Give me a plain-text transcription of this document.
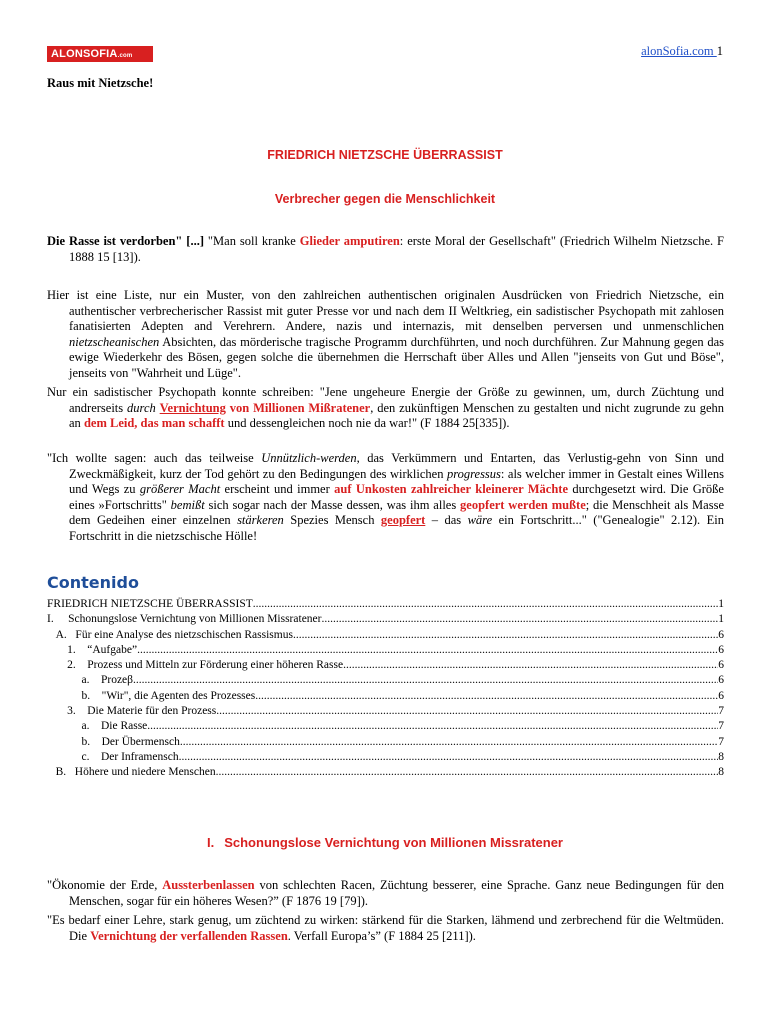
ALONSOFIA.com	alonSofia.com 1
Raus mit Nietzsche!
FRIEDRICH NIETZSCHE ÜBERRASSIST
Verbrecher gegen die Menschlichkeit
Die Rasse ist verdorben" [...] "Man soll kranke Glieder amputiren: erste Moral der Gesellschaft" (Friedrich Wilhelm Nietzsche. F 1888 15 [13]).
Hier ist eine Liste, nur ein Muster, von den zahlreichen authentischen originalen Ausdrücken von Friedrich Nietzsche, ein authentischer verbrecherischer Rassist mit guter Presse vor und nach dem II Weltkrieg, ein sadistischer Psychopath mit zahlosen fanatisierten Adepten and Verehrern. Andere, nazis und internazis, mit denselben perversen und unmenschlichen nietzscheanischen Absichten, das mörderische tragische Programm durchführten, und noch durchführen. Zur Mahnung gegen das ewige Wiederkehr des Bösen, gegen solche die übernehmen die Herrschaft über Alles und Allen "jenseits von Gut und Böse", jenseits von "Wahrheit und Lüge".
Nur ein sadistischer Psychopath konnte schreiben: "Jene ungeheure Energie der Größe zu gewinnen, um, durch Züchtung und andrerseits durch Vernichtung von Millionen Mißratener, den zukünftigen Menschen zu gestalten und nicht zugrunde zu gehn an dem Leid, das man schafft und dessengleichen noch nie da war!" (F 1884 25[335]).
"Ich wollte sagen: auch das teilweise Unnützlich-werden, das Verkümmern und Entarten, das Verlustig-gehn von Sinn und Zweckmäßigkeit, kurz der Tod gehört zu den Bedingungen des wirklichen progressus: als welcher immer in Gestalt eines Willens und Wegs zu größerer Macht erscheint und immer auf Unkosten zahlreicher kleinerer Mächte durchgesetzt wird. Die Größe eines »Fortschritts" bemißt sich sogar nach der Masse dessen, was ihm alles geopfert werden mußte; die Menschheit als Masse dem Gedeihen einer einzelnen stärkeren Spezies Mensch geopfert – das wäre ein Fortschritt..." ("Genealogie" 2.12). Ein Fortschritt in die nietzschische Hölle!
Contenido
FRIEDRICH NIETZSCHE ÜBERRASSIST .....	1
I.     Schonungslose Vernichtung von Millionen Missratener .....	1
A.   Für eine Analyse des nietzschischen Rassismus .....	6
1.    “Aufgabe” .....	6
2.    Prozess und Mitteln zur Förderung einer höheren Rasse .....	6
a.    Prozeβ .....	6
b.    "Wir", die Agenten des Prozesses .....	6
3.    Die Materie für den Prozess .....	7
a.    Die Rasse .....	7
b.    Der Übermensch .....	7
c.    Der Inframensch .....	8
B.   Höhere und niedere Menschen .....	8
I. Schonungslose Vernichtung von Millionen Missratener
"Ökonomie der Erde, Aussterbenlassen von schlechten Racen, Züchtung besserer, eine Sprache. Ganz neue Bedingungen für den Menschen, sogar für ein höheres Wesen?” (F 1876 19 [79]).
"Es bedarf einer Lehre, stark genug, um züchtend zu wirken: stärkend für die Starken, lähmend und zerbrechend für die Weltmüden. Die Vernichtung der verfallenden Rassen. Verfall Europa’s” (F 1884 25 [211]).
